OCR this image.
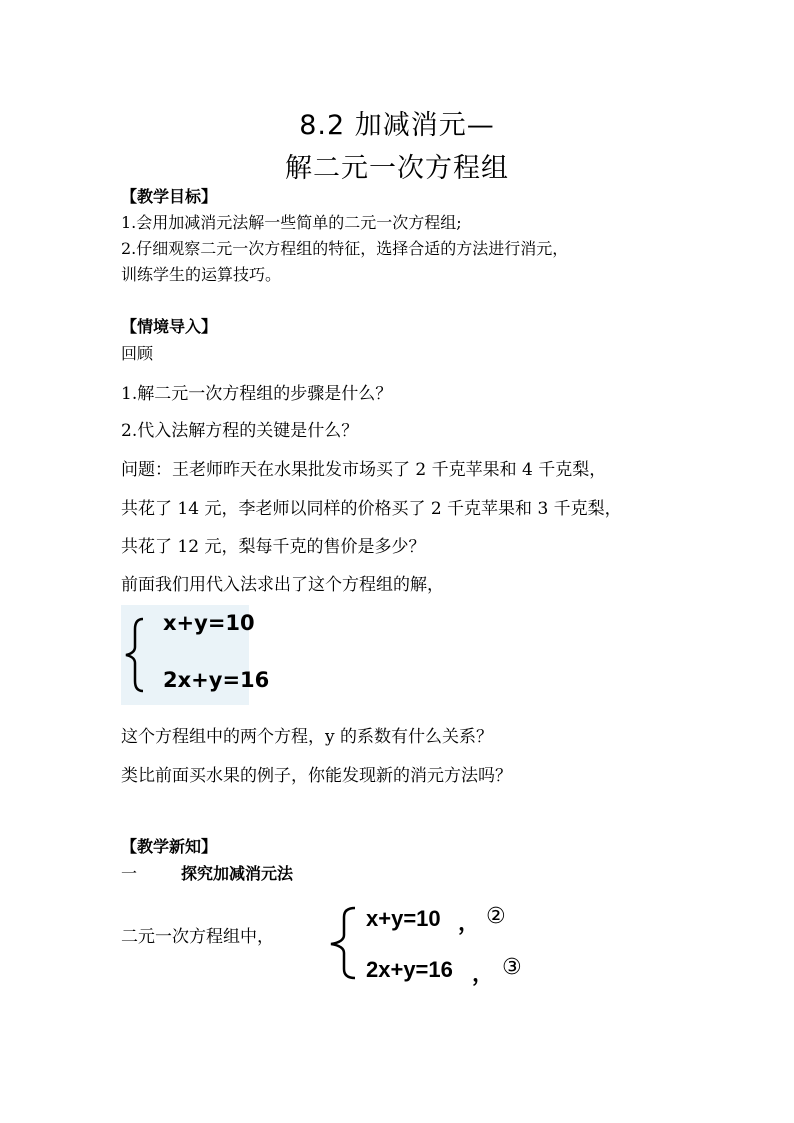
8.2 加减消元—
解二元一次方程组
【教学目标】
1.会用加减消元法解一些简单的二元一次方程组;
2.仔细观察二元一次方程组的特征，选择合适的方法进行消元，
训练学生的运算技巧。
【情境导入】
回顾
1.解二元一次方程组的步骤是什么？
2.代入法解方程的关键是什么？
问题：王老师昨天在水果批发市场买了 2 千克苹果和 4 千克梨，
共花了 14 元，李老师以同样的价格买了 2 千克苹果和 3 千克梨，
共花了 12 元，梨每千克的售价是多少？
前面我们用代入法求出了这个方程组的解，
x+y=10
2x+y=16
这个方程组中的两个方程，y 的系数有什么关系？
类比前面买水果的例子，你能发现新的消元方法吗？
【教学新知】
一	探究加减消元法
二元一次方程组中，
x+y=10 ， ②
2x+y=16 ， ③
